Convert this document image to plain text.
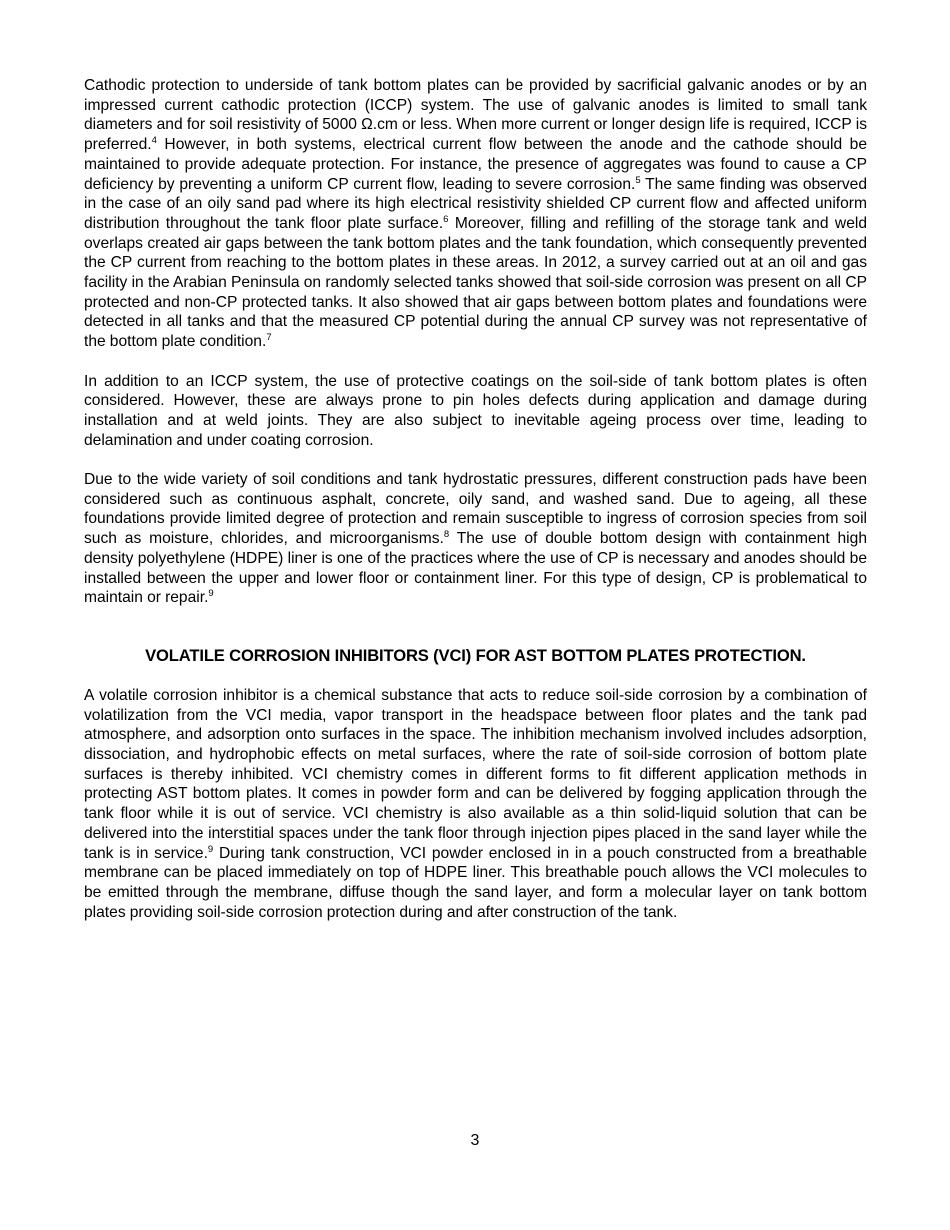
Cathodic protection to underside of tank bottom plates can be provided by sacrificial galvanic anodes or by an impressed current cathodic protection (ICCP) system. The use of galvanic anodes is limited to small tank diameters and for soil resistivity of 5000 Ω.cm or less. When more current or longer design life is required, ICCP is preferred.$^4$ However, in both systems, electrical current flow between the anode and the cathode should be maintained to provide adequate protection. For instance, the presence of aggregates was found to cause a CP deficiency by preventing a uniform CP current flow, leading to severe corrosion.$^5$ The same finding was observed in the case of an oily sand pad where its high electrical resistivity shielded CP current flow and affected uniform distribution throughout the tank floor plate surface.$^6$ Moreover, filling and refilling of the storage tank and weld overlaps created air gaps between the tank bottom plates and the tank foundation, which consequently prevented the CP current from reaching to the bottom plates in these areas. In 2012, a survey carried out at an oil and gas facility in the Arabian Peninsula on randomly selected tanks showed that soil-side corrosion was present on all CP protected and non-CP protected tanks. It also showed that air gaps between bottom plates and foundations were detected in all tanks and that the measured CP potential during the annual CP survey was not representative of the bottom plate condition.$^7$

In addition to an ICCP system, the use of protective coatings on the soil-side of tank bottom plates is often considered. However, these are always prone to pin holes defects during application and damage during installation and at weld joints. They are also subject to inevitable ageing process over time, leading to delamination and under coating corrosion.

Due to the wide variety of soil conditions and tank hydrostatic pressures, different construction pads have been considered such as continuous asphalt, concrete, oily sand, and washed sand. Due to ageing, all these foundations provide limited degree of protection and remain susceptible to ingress of corrosion species from soil such as moisture, chlorides, and microorganisms.$^8$ The use of double bottom design with containment high density polyethylene (HDPE) liner is one of the practices where the use of CP is necessary and anodes should be installed between the upper and lower floor or containment liner. For this type of design, CP is problematical to maintain or repair.$^9$

VOLATILE CORROSION INHIBITORS (VCI) FOR AST BOTTOM PLATES PROTECTION.

A volatile corrosion inhibitor is a chemical substance that acts to reduce soil-side corrosion by a combination of volatilization from the VCI media, vapor transport in the headspace between floor plates and the tank pad atmosphere, and adsorption onto surfaces in the space. The inhibition mechanism involved includes adsorption, dissociation, and hydrophobic effects on metal surfaces, where the rate of soil-side corrosion of bottom plate surfaces is thereby inhibited. VCI chemistry comes in different forms to fit different application methods in protecting AST bottom plates. It comes in powder form and can be delivered by fogging application through the tank floor while it is out of service. VCI chemistry is also available as a thin solid-liquid solution that can be delivered into the interstitial spaces under the tank floor through injection pipes placed in the sand layer while the tank is in service.$^9$ During tank construction, VCI powder enclosed in in a pouch constructed from a breathable membrane can be placed immediately on top of HDPE liner. This breathable pouch allows the VCI molecules to be emitted through the membrane, diffuse though the sand layer, and form a molecular layer on tank bottom plates providing soil-side corrosion protection during and after construction of the tank.

3
